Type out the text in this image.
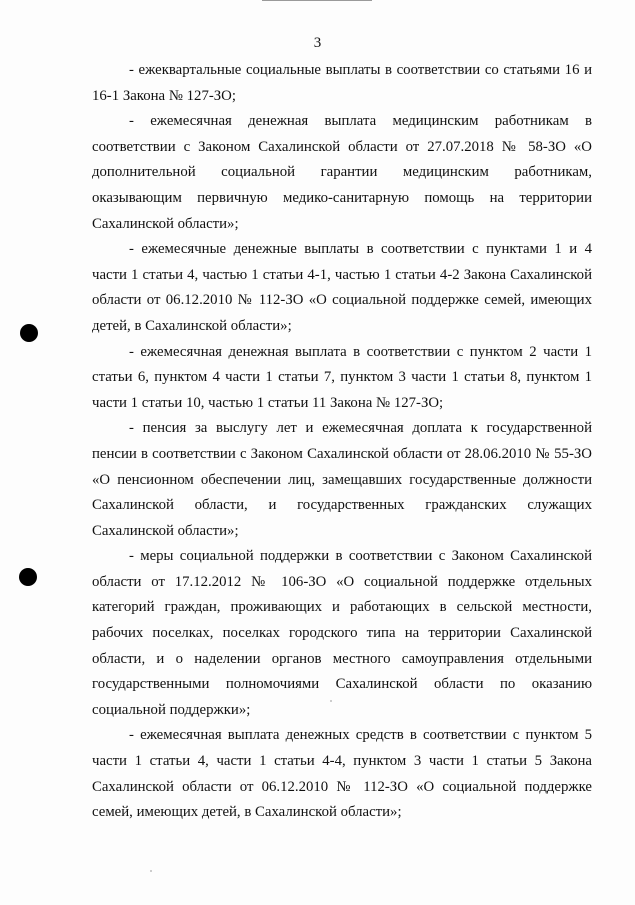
3

- ежеквартальные социальные выплаты в соответствии со статьями 16 и 16-1 Закона № 127-ЗО;

- ежемесячная денежная выплата медицинским работникам в соответствии с Законом Сахалинской области от 27.07.2018 № 58-ЗО «О дополнительной социальной гарантии медицинским работникам, оказывающим первичную медико-санитарную помощь на территории Сахалинской области»;

- ежемесячные денежные выплаты в соответствии с пунктами 1 и 4 части 1 статьи 4, частью 1 статьи 4-1, частью 1 статьи 4-2 Закона Сахалинской области от 06.12.2010 № 112-ЗО «О социальной поддержке семей, имеющих детей, в Сахалинской области»;

- ежемесячная денежная выплата в соответствии с пунктом 2 части 1 статьи 6, пунктом 4 части 1 статьи 7, пунктом 3 части 1 статьи 8, пунктом 1 части 1 статьи 10, частью 1 статьи 11 Закона № 127-ЗО;

- пенсия за выслугу лет и ежемесячная доплата к государственной пенсии в соответствии с Законом Сахалинской области от 28.06.2010 № 55-ЗО «О пенсионном обеспечении лиц, замещавших государственные должности Сахалинской области, и государственных гражданских служащих Сахалинской области»;

- меры социальной поддержки в соответствии с Законом Сахалинской области от 17.12.2012 № 106-ЗО «О социальной поддержке отдельных категорий граждан, проживающих и работающих в сельской местности, рабочих поселках, поселках городского типа на территории Сахалинской области, и о наделении органов местного самоуправления отдельными государственными полномочиями Сахалинской области по оказанию социальной поддержки»;

- ежемесячная выплата денежных средств в соответствии с пунктом 5 части 1 статьи 4, части 1 статьи 4-4, пунктом 3 части 1 статьи 5 Закона Сахалинской области от 06.12.2010 № 112-ЗО «О социальной поддержке семей, имеющих детей, в Сахалинской области»;
